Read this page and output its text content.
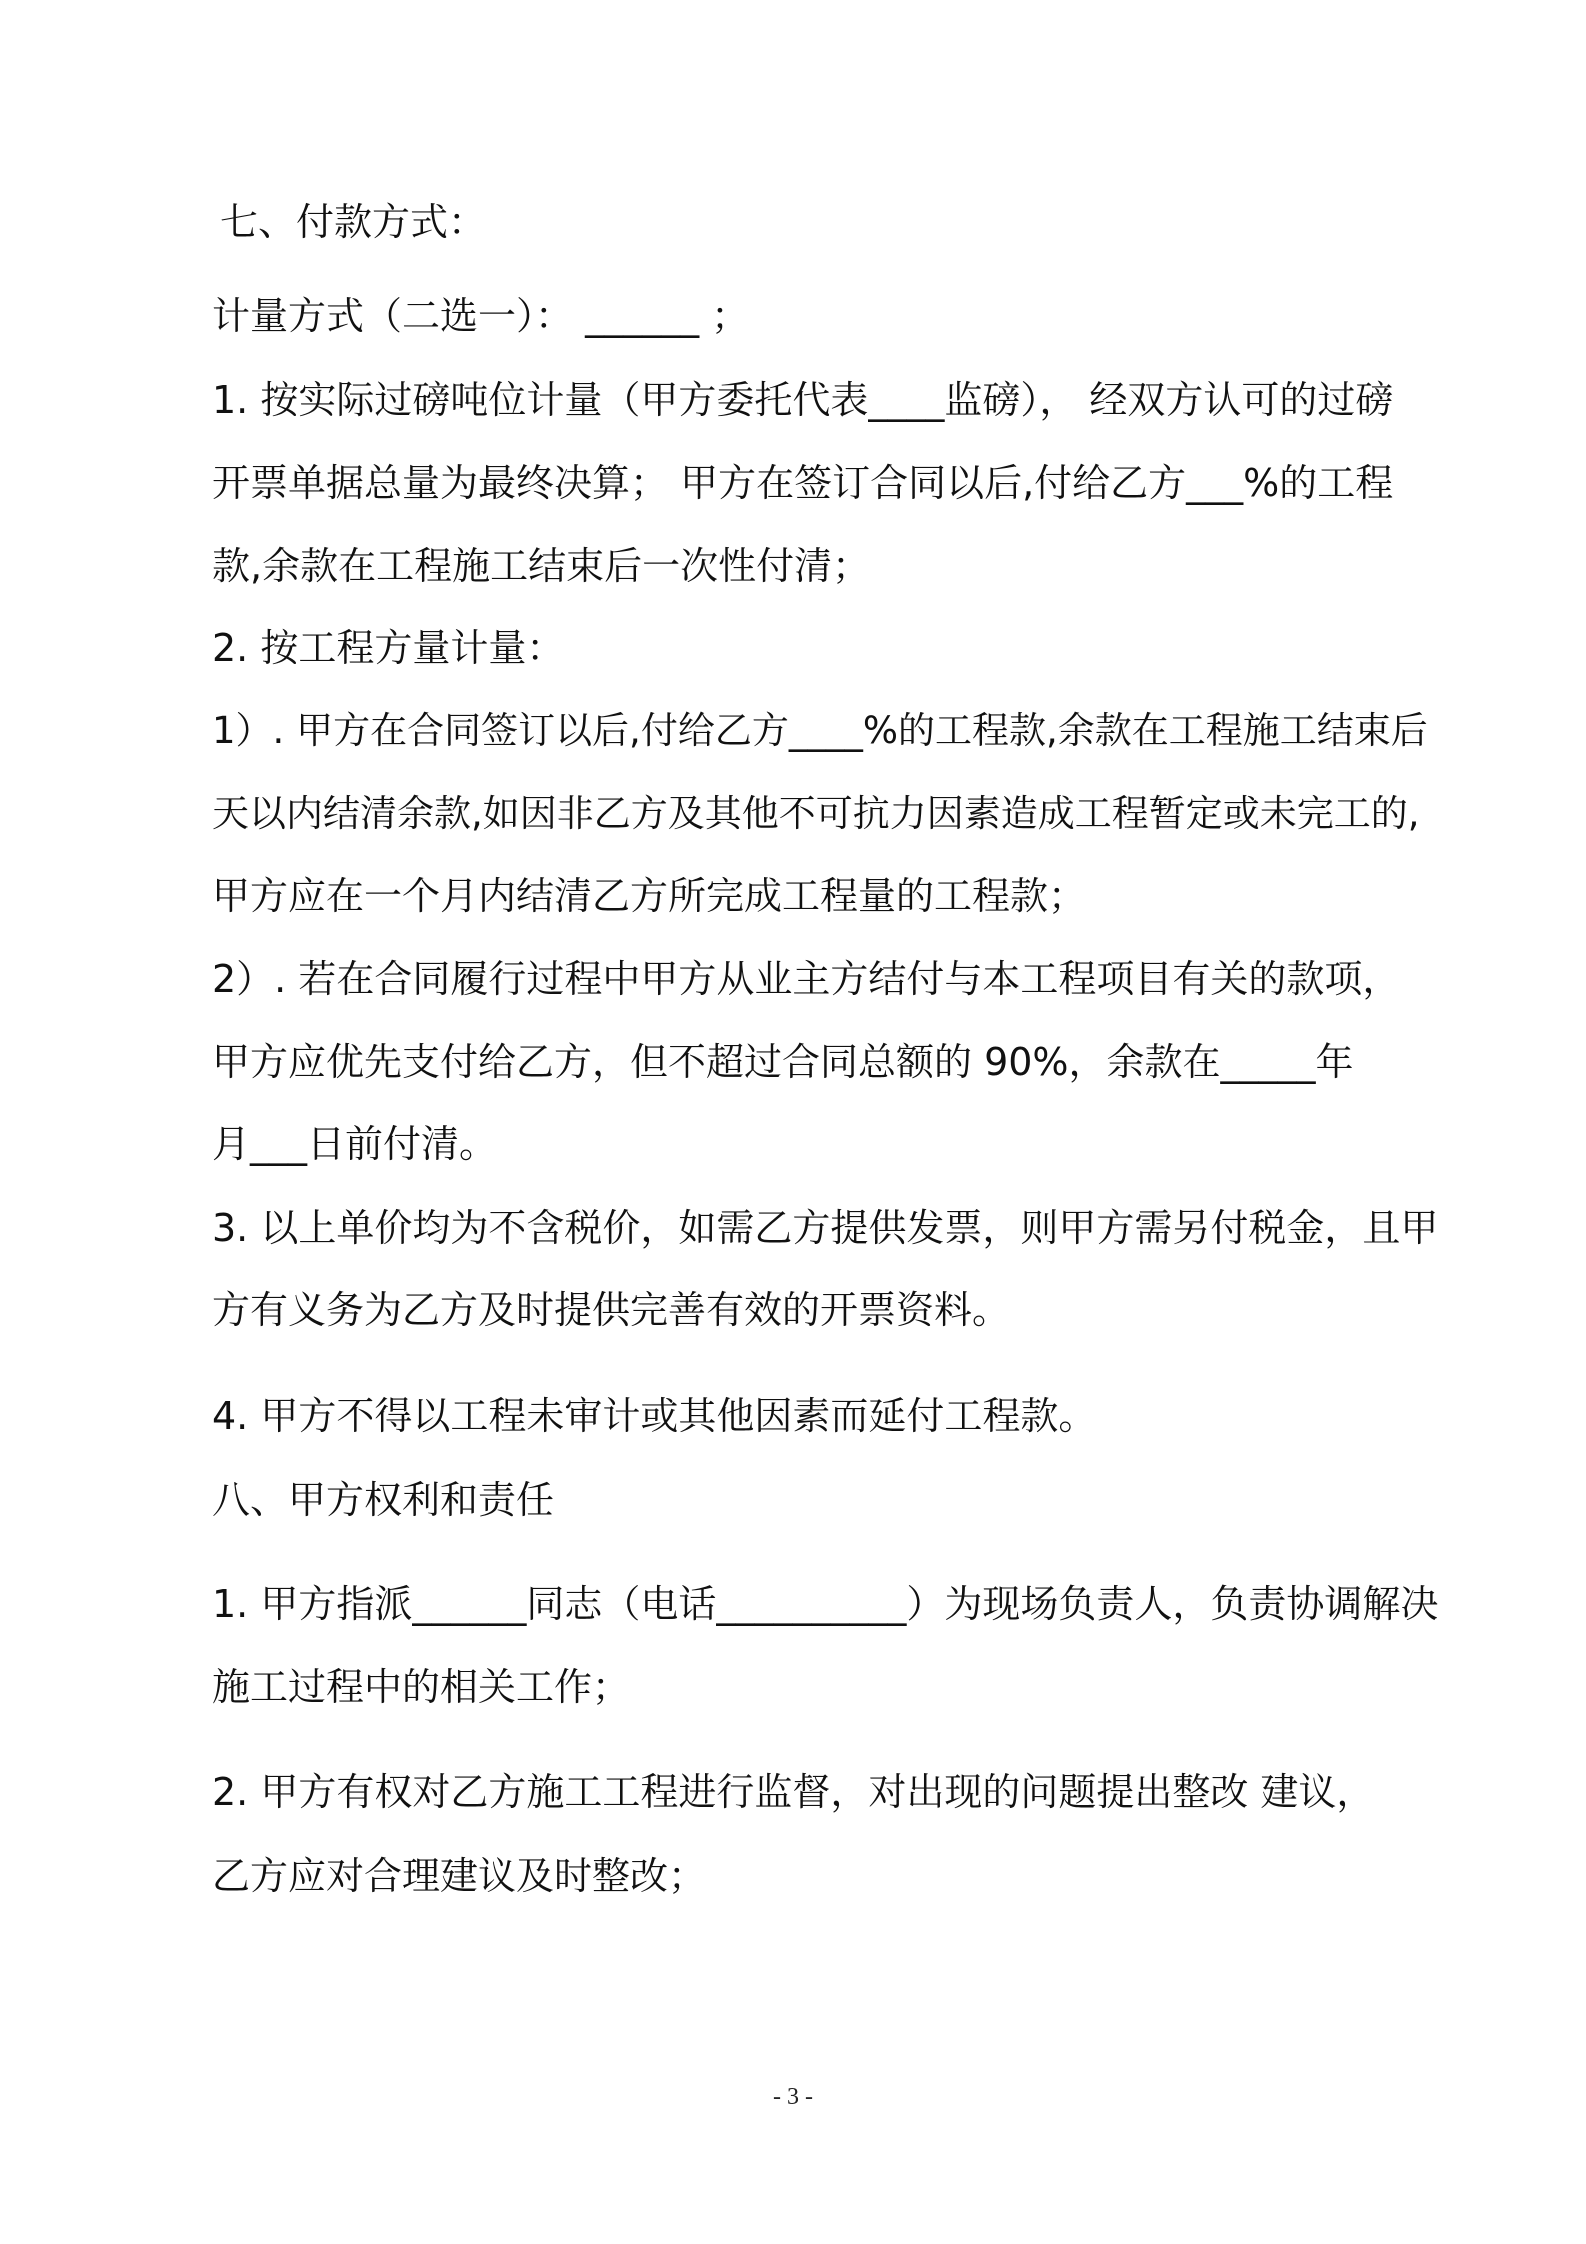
七、付款方式：
计量方式（二选一）： ______ ；
1. 按实际过磅吨位计量（甲方委托代表____监磅）， 经双方认可的过磅
开票单据总量为最终决算； 甲方在签订合同以后,付给乙方___%的工程
款,余款在工程施工结束后一次性付清；
2. 按工程方量计量：
1）. 甲方在合同签订以后,付给乙方____%的工程款,余款在工程施工结束后
天以内结清余款,如因非乙方及其他不可抗力因素造成工程暂定或未完工的,
甲方应在一个月内结清乙方所完成工程量的工程款；
2）. 若在合同履行过程中甲方从业主方结付与本工程项目有关的款项，
甲方应优先支付给乙方，但不超过合同总额的 90%，余款在_____年
月___日前付清。
3. 以上单价均为不含税价，如需乙方提供发票，则甲方需另付税金，且甲
方有义务为乙方及时提供完善有效的开票资料。
4. 甲方不得以工程未审计或其他因素而延付工程款。
八、甲方权利和责任
1. 甲方指派______同志（电话__________）为现场负责人，负责协调解决
施工过程中的相关工作；
2. 甲方有权对乙方施工工程进行监督，对出现的问题提出整改 建议，
乙方应对合理建议及时整改；
- 3 -
